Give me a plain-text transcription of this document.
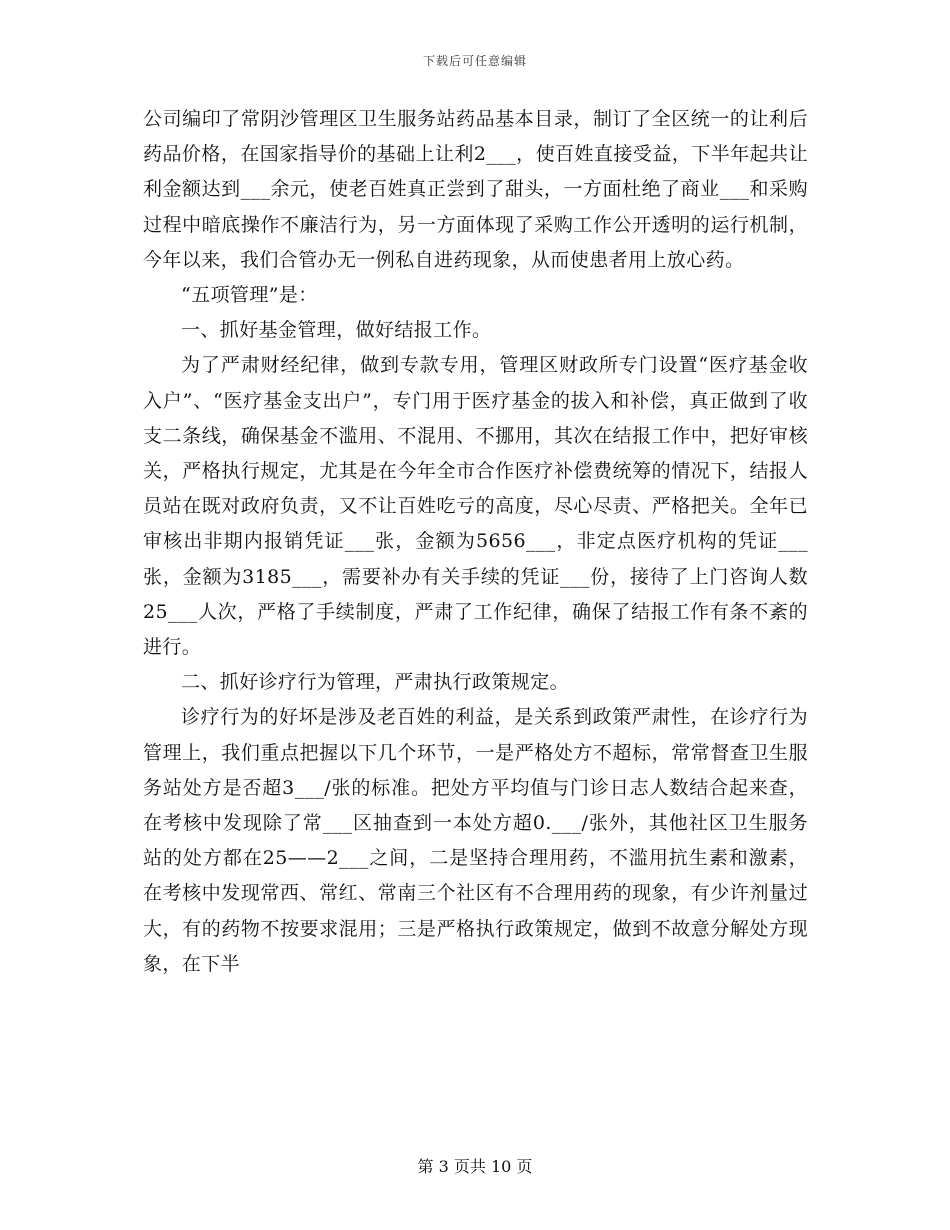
下载后可任意编辑

公司编印了常阴沙管理区卫生服务站药品基本目录，制订了全区统一的让利后药品价格，在国家指导价的基础上让利2___，使百姓直接受益，下半年起共让利金额达到___余元，使老百姓真正尝到了甜头，一方面杜绝了商业___和采购过程中暗底操作不廉洁行为，另一方面体现了采购工作公开透明的运行机制，今年以来，我们合管办无一例私自进药现象，从而使患者用上放心药。

“五项管理”是：

一、抓好基金管理，做好结报工作。

为了严肃财经纪律，做到专款专用，管理区财政所专门设置“医疗基金收入户”、“医疗基金支出户”，专门用于医疗基金的拔入和补偿，真正做到了收支二条线，确保基金不滥用、不混用、不挪用，其次在结报工作中，把好审核关，严格执行规定，尤其是在今年全市合作医疗补偿费统筹的情况下，结报人员站在既对政府负责，又不让百姓吃亏的高度，尽心尽责、严格把关。全年已审核出非期内报销凭证___张，金额为5656___，非定点医疗机构的凭证___张，金额为3185___，需要补办有关手续的凭证___份，接待了上门咨询人数25___人次，严格了手续制度，严肃了工作纪律，确保了结报工作有条不紊的进行。

二、抓好诊疗行为管理，严肃执行政策规定。

诊疗行为的好坏是涉及老百姓的利益，是关系到政策严肃性，在诊疗行为管理上，我们重点把握以下几个环节，一是严格处方不超标，常常督查卫生服务站处方是否超3___/张的标准。把处方平均值与门诊日志人数结合起来查，在考核中发现除了常___区抽查到一本处方超0.___/张外，其他社区卫生服务站的处方都在25——2___之间，二是坚持合理用药，不滥用抗生素和激素，在考核中发现常西、常红、常南三个社区有不合理用药的现象，有少许剂量过大，有的药物不按要求混用；三是严格执行政策规定，做到不故意分解处方现象，在下半

第 3 页共 10 页
